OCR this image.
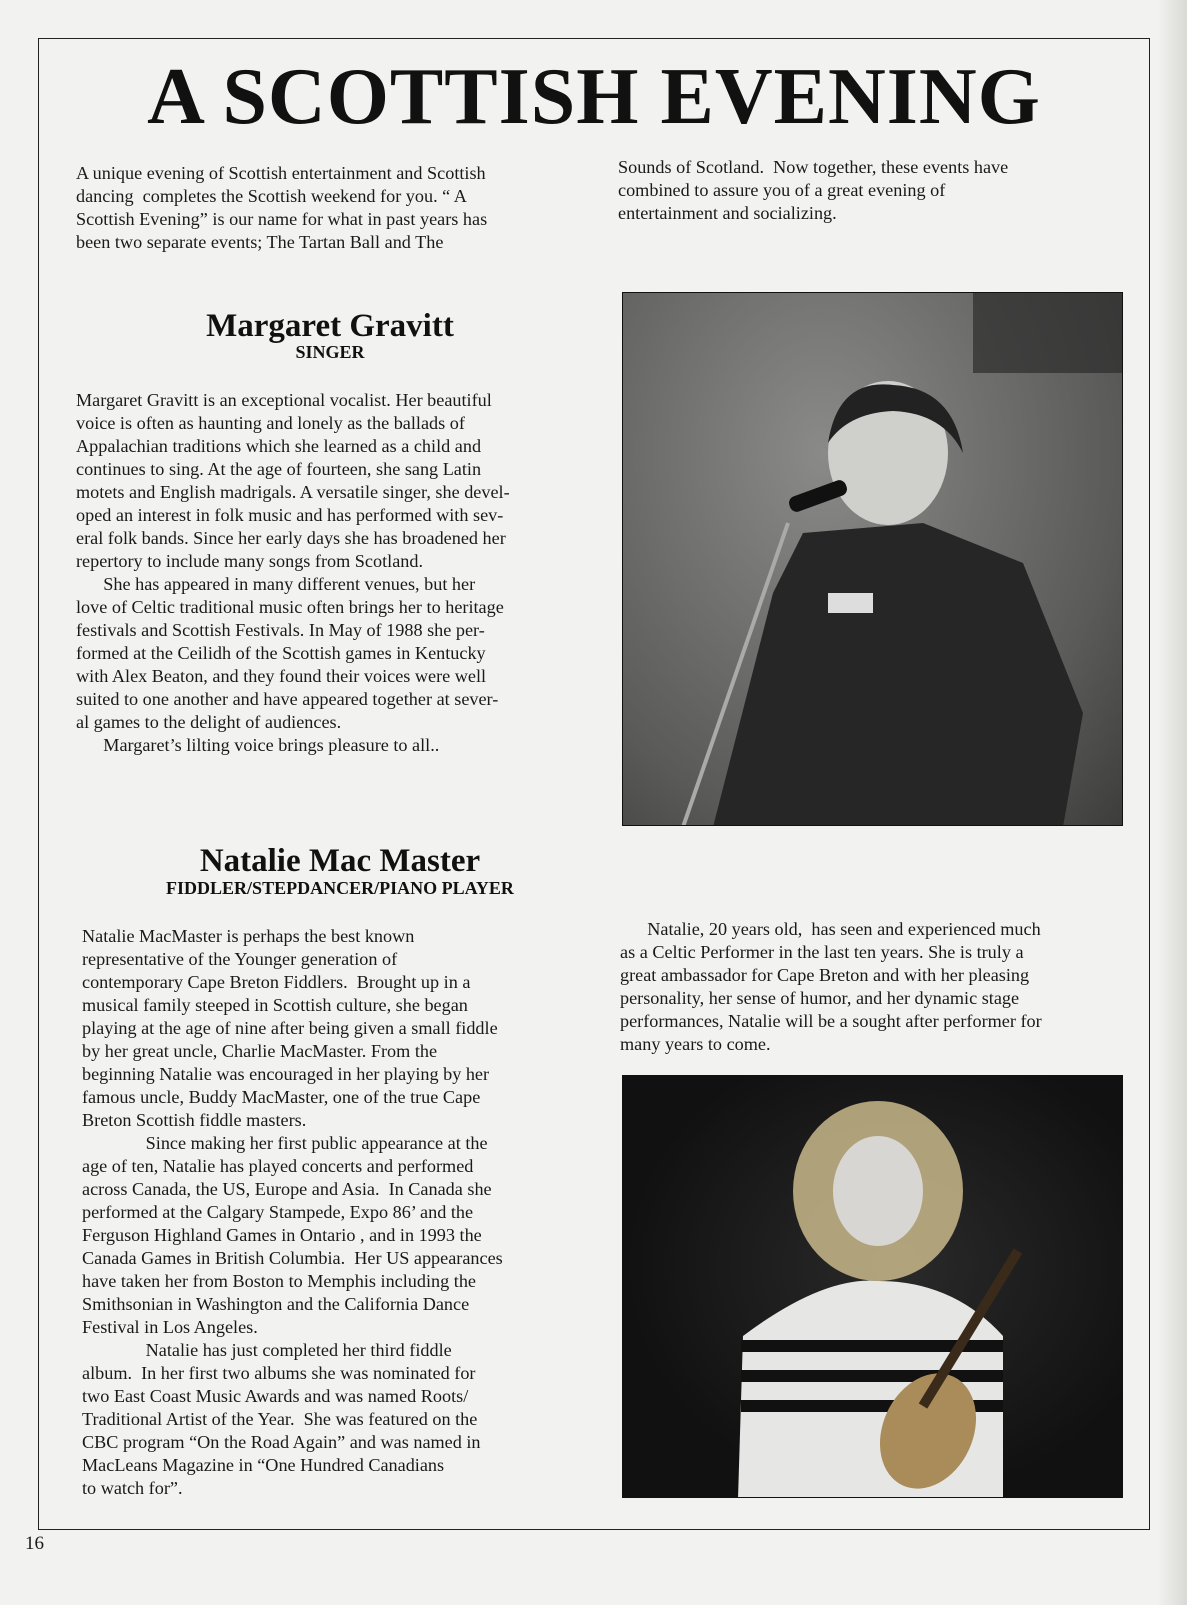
A SCOTTISH EVENING
A unique evening of Scottish entertainment and Scottish
dancing  completes the Scottish weekend for you. “ A
Scottish Evening” is our name for what in past years has
been two separate events; The Tartan Ball and The
Sounds of Scotland.  Now together, these events have
combined to assure you of a great evening of
entertainment and socializing.
Margaret Gravitt
SINGER
Margaret Gravitt is an exceptional vocalist. Her beautiful
voice is often as haunting and lonely as the ballads of
Appalachian traditions which she learned as a child and
continues to sing. At the age of fourteen, she sang Latin
motets and English madrigals. A versatile singer, she devel-
oped an interest in folk music and has performed with sev-
eral folk bands. Since her early days she has broadened her
repertory to include many songs from Scotland.
She has appeared in many different venues, but her
love of Celtic traditional music often brings her to heritage
festivals and Scottish Festivals. In May of 1988 she per-
formed at the Ceilidh of the Scottish games in Kentucky
with Alex Beaton, and they found their voices were well
suited to one another and have appeared together at sever-
al games to the delight of audiences.
Margaret’s lilting voice brings pleasure to all..
Natalie Mac Master
FIDDLER/STEPDANCER/PIANO PLAYER
Natalie MacMaster is perhaps the best known
representative of the Younger generation of
contemporary Cape Breton Fiddlers.  Brought up in a
musical family steeped in Scottish culture, she began
playing at the age of nine after being given a small fiddle
by her great uncle, Charlie MacMaster. From the
beginning Natalie was encouraged in her playing by her
famous uncle, Buddy MacMaster, one of the true Cape
Breton Scottish fiddle masters.
Since making her first public appearance at the
age of ten, Natalie has played concerts and performed
across Canada, the US, Europe and Asia.  In Canada she
performed at the Calgary Stampede, Expo 86’ and the
Ferguson Highland Games in Ontario , and in 1993 the
Canada Games in British Columbia.  Her US appearances
have taken her from Boston to Memphis including the
Smithsonian in Washington and the California Dance
Festival in Los Angeles.
Natalie has just completed her third fiddle
album.  In her first two albums she was nominated for
two East Coast Music Awards and was named Roots/
Traditional Artist of the Year.  She was featured on the
CBC program “On the Road Again” and was named in
MacLeans Magazine in “One Hundred Canadians
to watch for”.
Natalie, 20 years old,  has seen and experienced much
as a Celtic Performer in the last ten years. She is truly a
great ambassador for Cape Breton and with her pleasing
personality, her sense of humor, and her dynamic stage
performances, Natalie will be a sought after performer for
many years to come.
16
